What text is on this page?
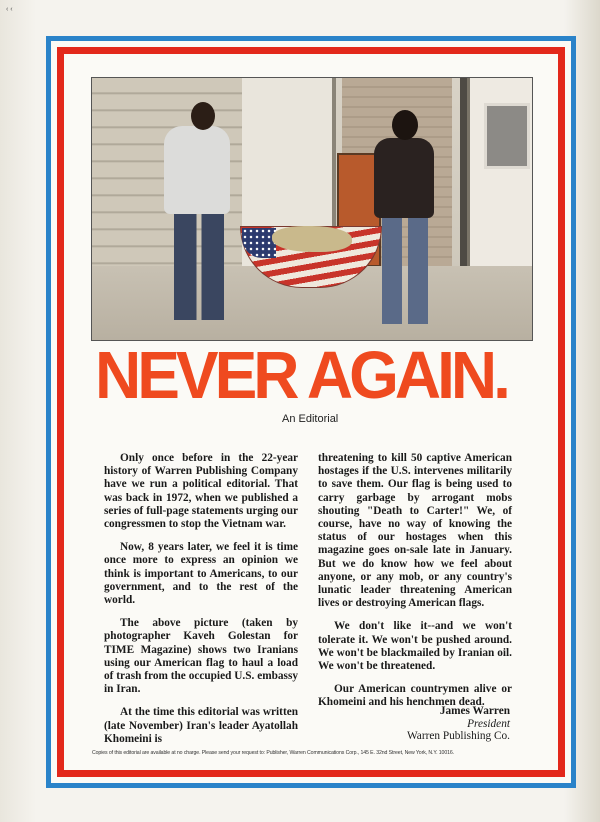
‹ ‹
NEVER AGAIN.
An Editorial

Only once before in the 22-year history of Warren Publishing Company have we run a political editorial. That was back in 1972, when we published a series of full-page statements urging our congressmen to stop the Vietnam war.

Now, 8 years later, we feel it is time once more to express an opinion we think is important to Americans, to our government, and to the rest of the world.

The above picture (taken by photographer Kaveh Golestan for TIME Magazine) shows two Iranians using our American flag to haul a load of trash from the occupied U.S. embassy in Iran.

At the time this editorial was written (late November) Iran's leader Ayatollah Khomeini is

threatening to kill 50 captive American hostages if the U.S. intervenes militarily to save them. Our flag is being used to carry garbage by arrogant mobs shouting "Death to Carter!" We, of course, have no way of knowing the status of our hostages when this magazine goes on-sale late in January. But we do know how we feel about anyone, or any mob, or any country's lunatic leader threatening American lives or destroying American flags.

We don't like it--and we won't tolerate it. We won't be pushed around. We won't be blackmailed by Iranian oil. We won't be threatened.

Our American countrymen alive or Khomeini and his henchmen dead.

James Warren
President
Warren Publishing Co.
Copies of this editorial are available at no charge. Please send your request to: Publisher, Warren Communications Corp., 145 E. 32nd Street, New York, N.Y. 10016.
